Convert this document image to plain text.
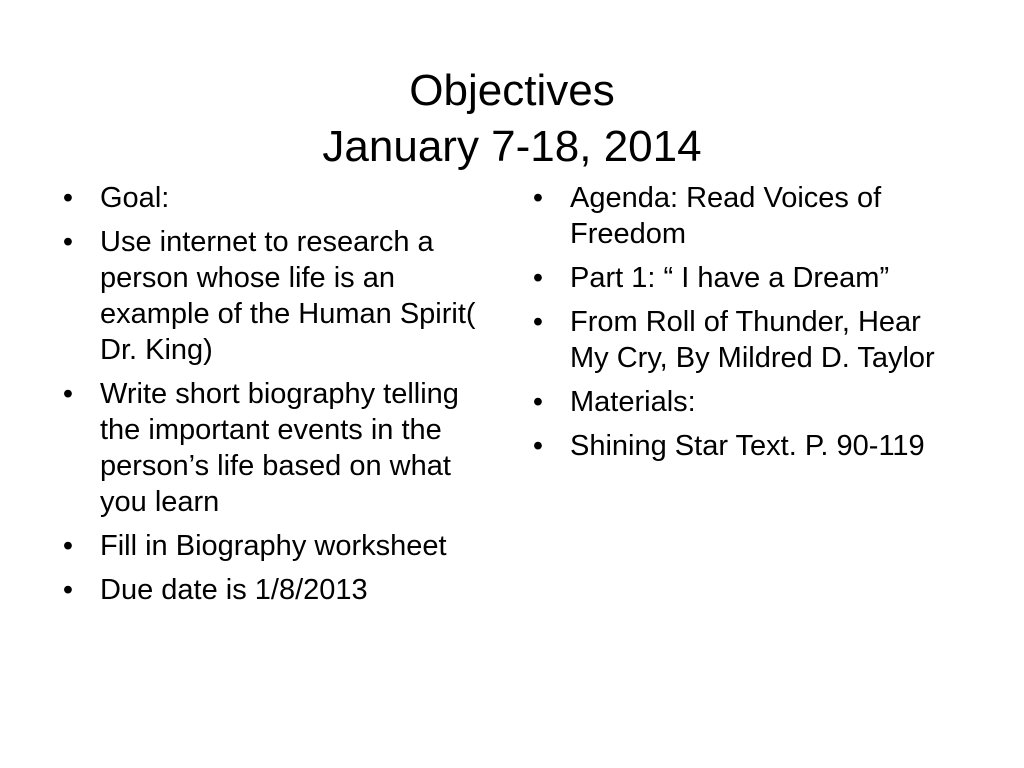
Objectives
January 7-18, 2014
• Goal:
• Use internet to research a person whose life is an example of the Human Spirit( Dr. King)
• Write short biography telling the important events in the person’s life based on what you learn
• Fill in Biography worksheet
• Due date is 1/8/2013
• Agenda: Read Voices of Freedom
• Part 1: “ I have a Dream”
• From Roll of Thunder, Hear My Cry, By Mildred D. Taylor
• Materials:
• Shining Star Text. P. 90-119
